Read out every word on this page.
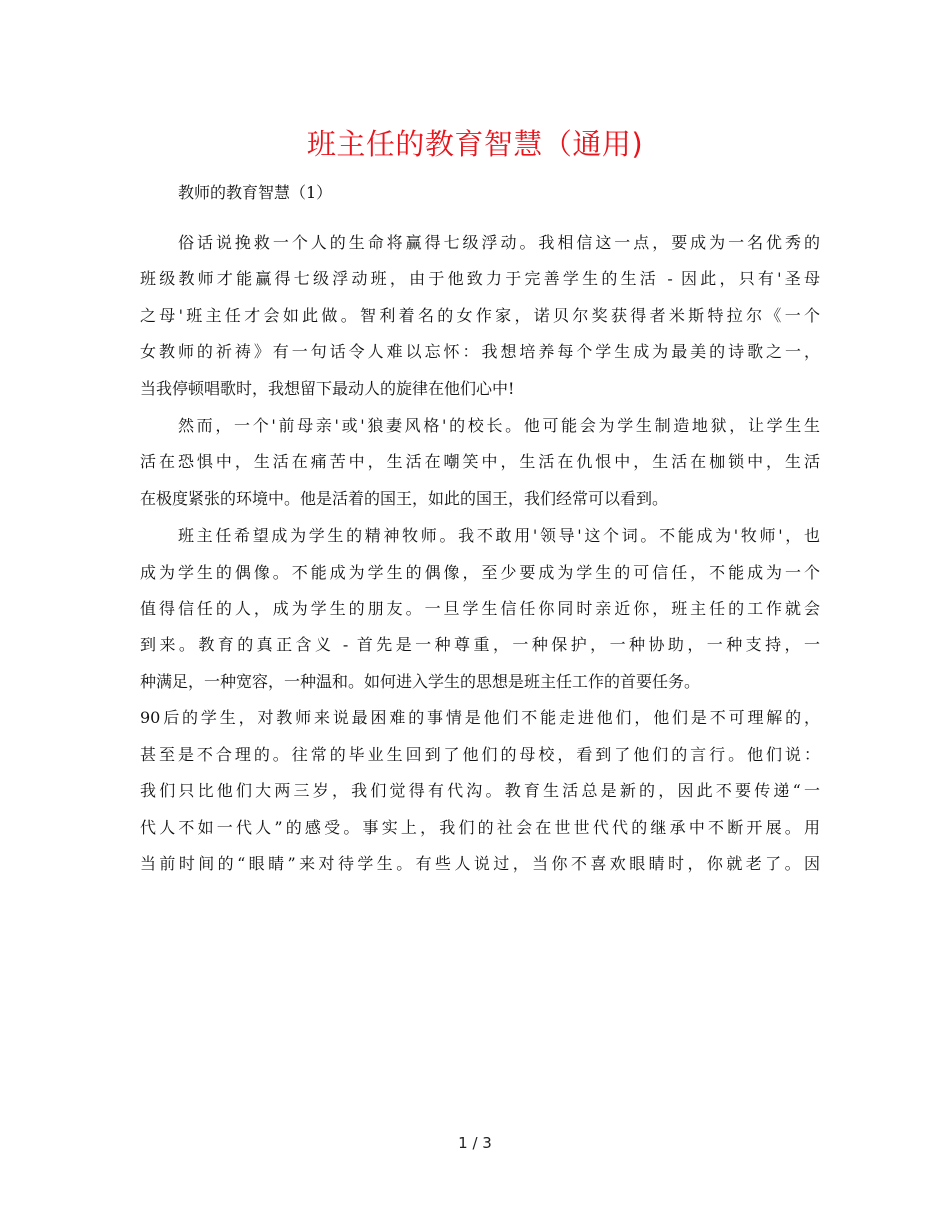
班主任的教育智慧（通用)
教师的教育智慧（1）
俗话说挽救一个人的生命将赢得七级浮动。我相信这一点，要成为一名优秀的
班级教师才能赢得七级浮动班，由于他致力于完善学生的生活 - 因此，只有'圣母
之母'班主任才会如此做。智利着名的女作家，诺贝尔奖获得者米斯特拉尔《一个
女教师的祈祷》有一句话令人难以忘怀：我想培养每个学生成为最美的诗歌之一，
当我停顿唱歌时，我想留下最动人的旋律在他们心中!
然而，一个'前母亲'或'狼妻风格'的校长。他可能会为学生制造地狱，让学生生
活在恐惧中，生活在痛苦中，生活在嘲笑中，生活在仇恨中，生活在枷锁中，生活
在极度紧张的环境中。他是活着的国王，如此的国王，我们经常可以看到。
班主任希望成为学生的精神牧师。我不敢用'领导'这个词。不能成为'牧师'，也
成为学生的偶像。不能成为学生的偶像，至少要成为学生的可信任，不能成为一个
值得信任的人，成为学生的朋友。一旦学生信任你同时亲近你，班主任的工作就会
到来。教育的真正含义 - 首先是一种尊重，一种保护，一种协助，一种支持，一
种满足，一种宽容，一种温和。如何进入学生的思想是班主任工作的首要任务。
90后的学生，对教师来说最困难的事情是他们不能走进他们，他们是不可理解的，
甚至是不合理的。往常的毕业生回到了他们的母校，看到了他们的言行。他们说：
我们只比他们大两三岁，我们觉得有代沟。教育生活总是新的，因此不要传递“一
代人不如一代人”的感受。事实上，我们的社会在世世代代的继承中不断开展。用
当前时间的“眼睛”来对待学生。有些人说过，当你不喜欢眼睛时，你就老了。因
1 / 3
